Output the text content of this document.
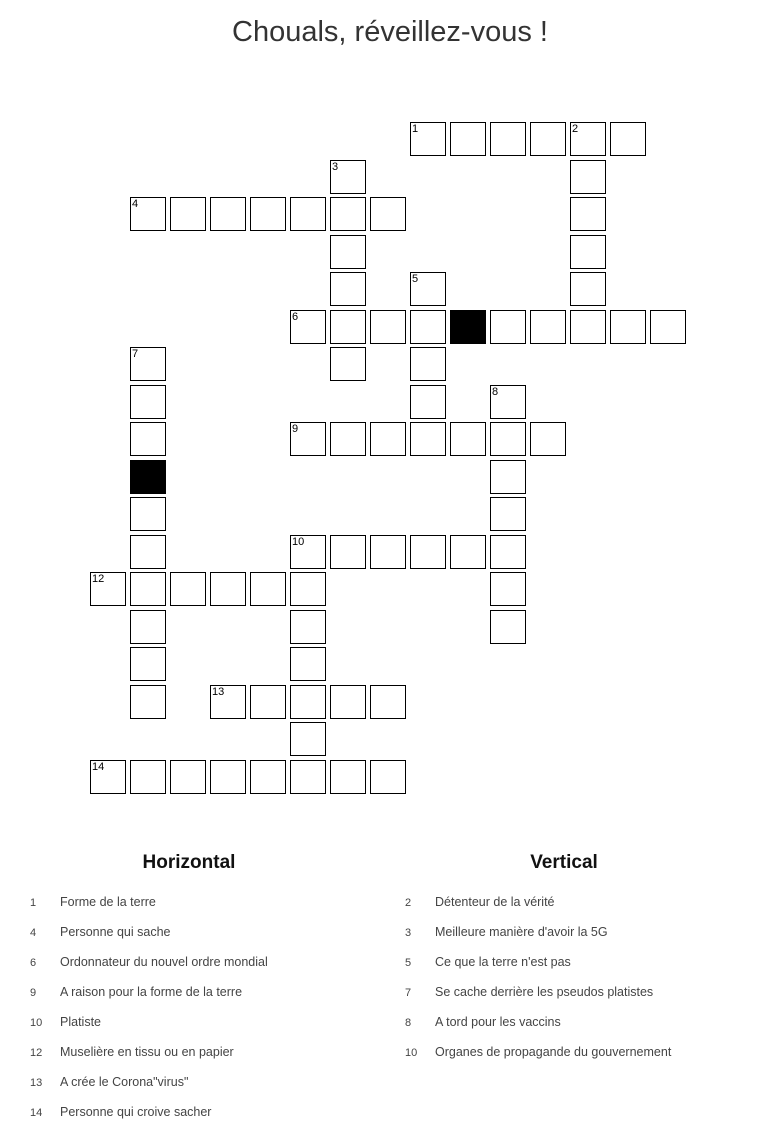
Chouals, réveillez-vous !
1	2
3
4
5
6
7
8
9
10
12
13
14
Horizontal
1 Forme de la terre
4 Personne qui sache
6 Ordonnateur du nouvel ordre mondial
9 A raison pour la forme de la terre
10 Platiste
12 Muselière en tissu ou en papier
13 A crée le Corona"virus"
14 Personne qui croive sacher
Vertical
2 Détenteur de la vérité
3 Meilleure manière d'avoir la 5G
5 Ce que la terre n'est pas
7 Se cache derrière les pseudos platistes
8 A tord pour les vaccins
10 Organes de propagande du gouvernement
